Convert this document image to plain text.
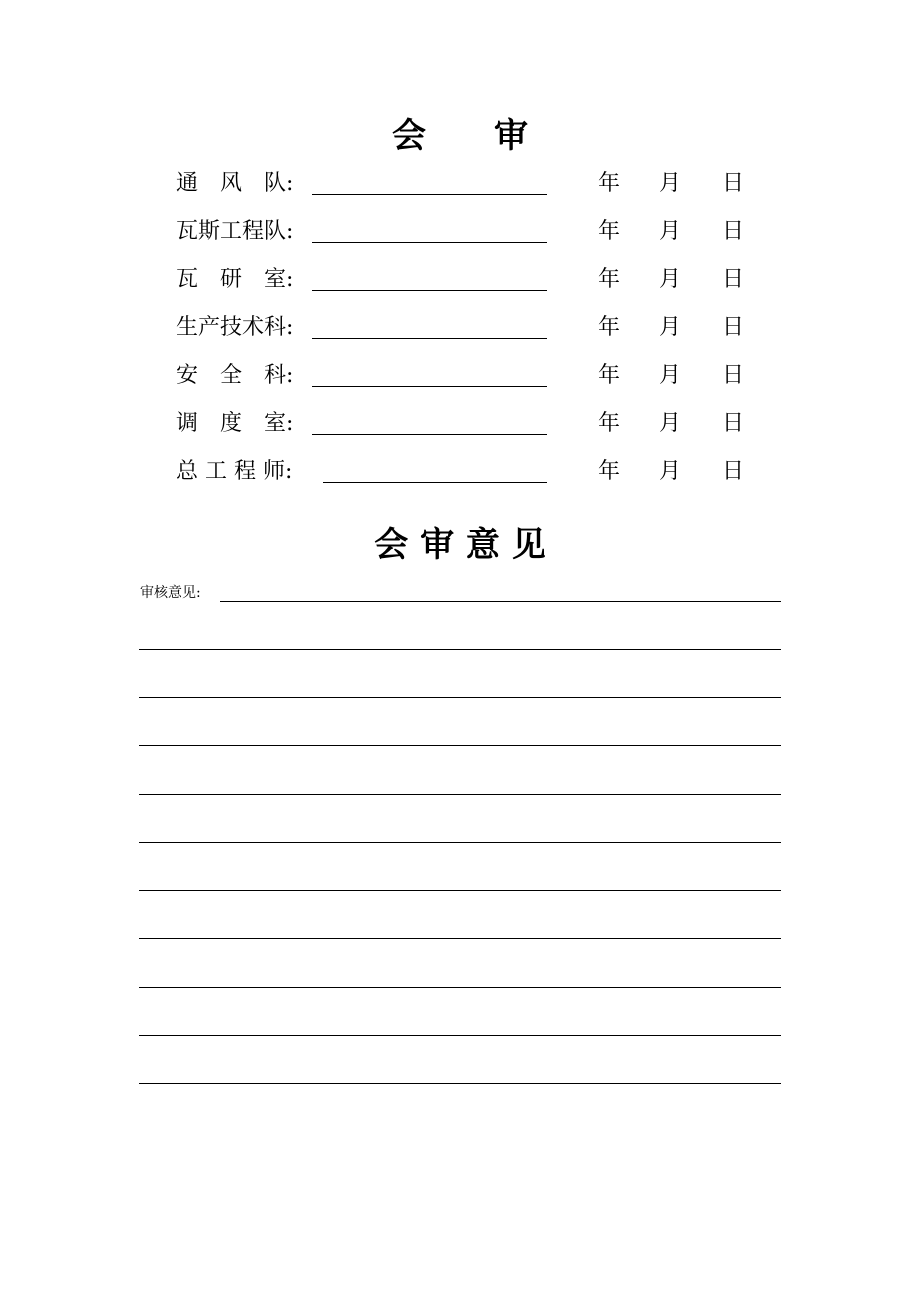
会　　审
通　风　队:	年 月 日
瓦斯工程队:	年 月 日
瓦　研　室:	年 月 日
生产技术科:	年 月 日
安　全　科:	年 月 日
调　度　室:	年 月 日
总 工 程 师:	年 月 日
会 审 意 见
审核意见:
